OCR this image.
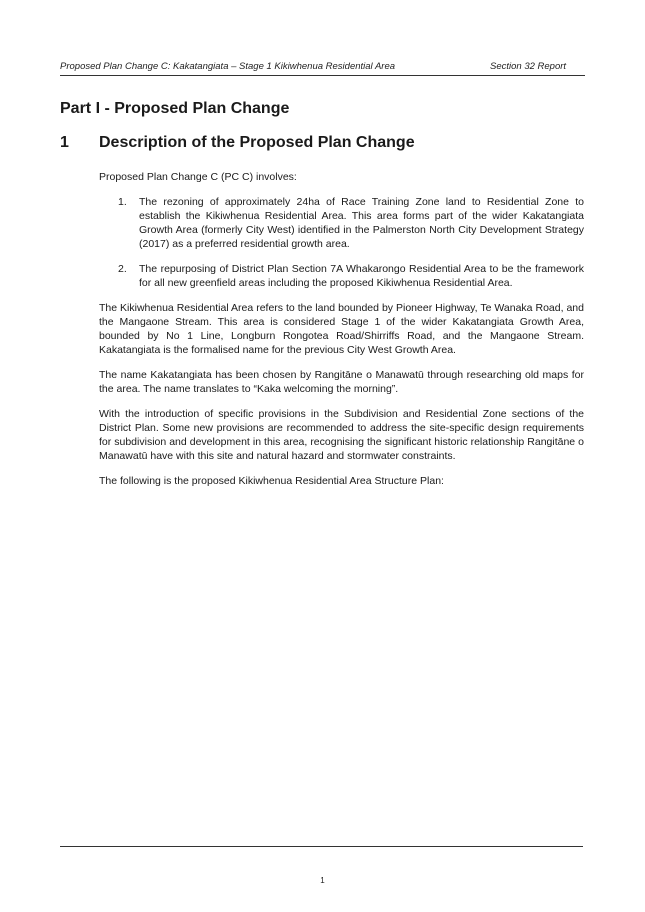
Proposed Plan Change C: Kakatangiata – Stage 1 Kikiwhenua Residential Area	Section 32 Report
Part I - Proposed Plan Change
1 Description of the Proposed Plan Change
Proposed Plan Change C (PC C) involves:
1. The rezoning of approximately 24ha of Race Training Zone land to Residential Zone to establish the Kikiwhenua Residential Area. This area forms part of the wider Kakatangiata Growth Area (formerly City West) identified in the Palmerston North City Development Strategy (2017) as a preferred residential growth area.
2. The repurposing of District Plan Section 7A Whakarongo Residential Area to be the framework for all new greenfield areas including the proposed Kikiwhenua Residential Area.
The Kikiwhenua Residential Area refers to the land bounded by Pioneer Highway, Te Wanaka Road, and the Mangaone Stream. This area is considered Stage 1 of the wider Kakatangiata Growth Area, bounded by No 1 Line, Longburn Rongotea Road/Shirriffs Road, and the Mangaone Stream. Kakatangiata is the formalised name for the previous City West Growth Area.
The name Kakatangiata has been chosen by Rangitāne o Manawatū through researching old maps for the area. The name translates to “Kaka welcoming the morning”.
With the introduction of specific provisions in the Subdivision and Residential Zone sections of the District Plan. Some new provisions are recommended to address the site-specific design requirements for subdivision and development in this area, recognising the significant historic relationship Rangitāne o Manawatū have with this site and natural hazard and stormwater constraints.
The following is the proposed Kikiwhenua Residential Area Structure Plan:
1
